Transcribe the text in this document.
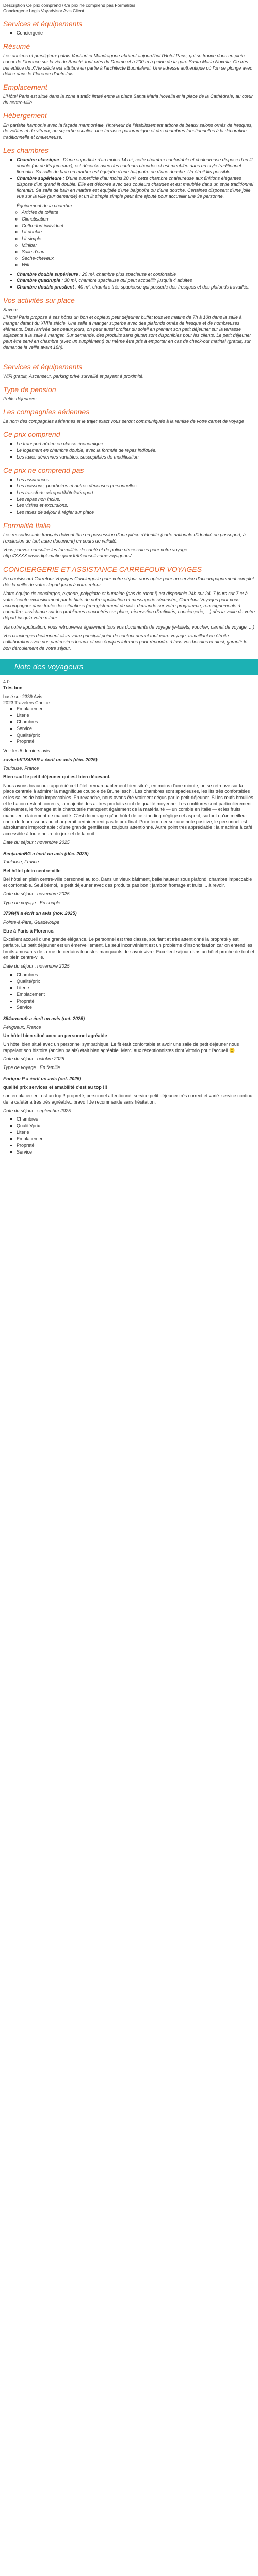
Description Ce prix comprend / Ce prix ne comprend pas Formalités

Conciergerie Logis Voyadvisor Avis Client

Services et équipements
▪ Conciergerie
Résumé

Les anciens et prestigieux palais Vanburi et Mandragone abritent aujourd'hui l'Hotel Paris, qui se trouve donc en plein coeur de Florence sur la via de Banchi, tout près du Duomo et à 200 m à peine de la gare Santa Maria Novella. Ce très bel édifice du XVIe siècle est attribué en partie à l'architecte Buontalenti. Une adresse authentique où l'on se plonge avec délice dans le Florence d'autrefois.

Emplacement

L'Hôtel Paris est situé dans la zone à trafic limité entre la place Santa Maria Novella et la place de la Cathédrale, au cœur du centre-ville.

Hébergement

En parfaite harmonie avec la façade marmoréale, l'intérieur de l'établissement arbore de beaux salons ornés de fresques, de voûtes et de vitraux, un superbe escalier, une terrasse panoramique et des chambres fonctionnelles à la décoration traditionnelle et chaleureuse.

Les chambres
▪ Chambre classique : D'une superficie d'au moins 14 m², cette chambre confortable et chaleureuse dispose d'un lit double (ou de lits jumeaux), est décorée avec des couleurs chaudes et est meublée dans un style traditionnel florentin. Sa salle de bain en marbre est équipée d'une baignoire ou d'une douche. Un étroit lits possible.
▪ Chambre supérieure : D'une superficie d'au moins 20 m², cette chambre chaleureuse aux finitions élégantes dispose d'un grand lit double. Elle est décorée avec des couleurs chaudes et est meublée dans un style traditionnel florentin. Sa salle de bain en marbre est équipée d'une baignoire ou d'une douche. Certaines disposent d'une jolie vue sur la ville (sur demande) et un lit simple simple peut être ajouté pour accueillir une 3e personne.

Équipement de la chambre :

◦ Articles de toilette
◦ Climatisation
◦ Coffre-fort individuel
◦ Lit double
◦ Lit simple
◦ Minibar
◦ Salle d'eau
◦ Sèche-cheveux
◦ Wifi
▪ Chambre double supérieure : 20 m², chambre plus spacieuse et confortable
▪ Chambre quadruple : 30 m², chambre spacieuse qui peut accueillir jusqu'à 4 adultes
▪ Chambre double prestient : 40 m², chambre très spacieuse qui possède des fresques et des plafonds travaillés.
Vos activités sur place

Saveur

L'Hotel Paris propose à ses hôtes un bon et copieux petit déjeuner buffet tous les matins de 7h à 10h dans la salle à manger datant du XVIIe siècle. Une salle à manger superbe avec des plafonds ornés de fresque et de nombreuses éléments. Des l'arrivée des beaux jours, on peut aussi profiter du soleil en prenant son petit déjeuner sur la terrasse adjacente à la salle à manger. Sur demande, des produits sans gluten sont disponibles pour les clients. Le petit déjeuner peut être servi en chambre (avec un supplément) ou même être pris à emporter en cas de check-out matinal (gratuit, sur demande la veille avant 18h).

Services et équipements

WiFi gratuit, Ascenseur, parking privé surveillé et payant à proximité.

Type de pension

Petits déjeuners

Les compagnies aériennes

Le nom des compagnies aériennes et le trajet exact vous seront communiqués à la remise de votre carnet de voyage

Ce prix comprend
▪ Le transport aérien en classe économique.
▪ Le logement en chambre double, avec la formule de repas indiquée.
▪ Les taxes aériennes variables, susceptibles de modification.
Ce prix ne comprend pas
▪ Les assurances.
▪ Les boissons, pourboires et autres dépenses personnelles.
▪ Les transferts aéroport/hôtel/aéroport.
▪ Les repas non inclus.
▪ Les visites et excursions.
▪ Les taxes de séjour à régler sur place
Formalité Italie

Les ressortissants français doivent être en possession d'une pièce d'identité (carte nationale d'identité ou passeport, à l'exclusion de tout autre document) en cours de validité.

Vous pouvez consulter les formalités de santé et de police nécessaires pour votre voyage : http://XXXX.www.diplomatie.gouv.fr/fr/conseils-aux-voyageurs/

CONCIERGERIE ET ASSISTANCE CARREFOUR VOYAGES

En choisissant Carrefour Voyages Conciergerie pour votre séjour, vous optez pour un service d'accompagnement complet dès la veille de votre départ jusqu'à votre retour.

Notre équipe de concierges, experte, polyglotte et humaine (pas de robot !) est disponible 24h sur 24, 7 jours sur 7 et à votre écoute exclusivement par le biais de notre application et messagerie sécurisée, Carrefour Voyages pour vous accompagner dans toutes les situations (enregistrement de vols, demande sur votre programme, renseignements à connaître, assistance sur les problèmes rencontrés sur place, réservation d'activités, conciergerie, ...) dès la veille de votre départ jusqu'à votre retour.

Via notre application, vous retrouverez également tous vos documents de voyage (e-billets, voucher, carnet de voyage, ...)

Vos concierges deviennent alors votre principal point de contact durant tout votre voyage, travaillant en étroite collaboration avec nos partenaires locaux et nos équipes internes pour répondre à tous vos besoins et ainsi, garantir le bon déroulement de votre séjour.

Note des voyageurs

4.0

Très bon

basé sur 2339 Avis

2023 Travelers Choice

▪ Emplacement
▪ Literie
▪ Chambres
▪ Service
▪ Qualité/prix
▪ Propreté

Voir les 5 derniers avis

xavierbK1342BR a écrit un avis (déc. 2025)

Toulouse, France

Bien sauf le petit déjeuner qui est bien décevant.

Nous avons beaucoup apprécié cet hôtel, remarquablement bien situé ; en moins d'une minute, on se retrouve sur la place centrale à admirer la magnifique coupole de Brunelleschi. Les chambres sont spacieuses, les lits très confortables et les salles de bain impeccables. En revanche, nous avons été vraiment déçus par le petit-déjeuner. Si les œufs brouillés et le bacon restent corrects, la majorité des autres produits sont de qualité moyenne. Les confitures sont particulièrement décevantes, le fromage et la charcuterie manquent également de la matérialité — un comble en Italie — et les fruits manquent clairement de maturité. C'est dommage qu'un hôtel de ce standing néglige cet aspect, surtout qu'un meilleur choix de fournisseurs ou changerait certainement pas le prix final. Pour terminer sur une note positive, le personnel est absolument irreprochable : d'une grande gentillesse, toujours attentionné. Autre point très appréciable : la machine à café accessible à toute heure du jour et de la nuit.

Date du séjour : novembre 2025

BenjaminBG a écrit un avis (déc. 2025)

Toulouse, France

Bel hôtel plein centre-ville

Bel hôtel en plein centre-ville personnel au top. Dans un vieux bâtiment, belle hauteur sous plafond, chambre impeccable et confortable. Seul bémol, le petit déjeuner avec des produits pas bon : jambon fromage et fruits ... à revoir.

Date du séjour : novembre 2025

Type de voyage : En couple

379fejfi a écrit un avis (nov. 2025)

Pointe-à-Pitre, Guadeloupe

Etre à Paris à Florence.

Excellent accueil d'une grande élégance. Le personnel est très classe, souriant et très attentionné la propreté y est parfaite. Le petit déjeuner est un émerveillement. Le seul inconvénient est un problème d'insonorisation car on entend les bruits amusants de la rue de certains touristes manquants de savoir vivre. Excellent séjour dans un hôtel proche de tout et en plein centre-ville.

Date du séjour : novembre 2025

▪ Chambres
▪ Qualité/prix
▪ Literie
▪ Emplacement
▪ Propreté
▪ Service

354armaufr a écrit un avis (oct. 2025)

Périgueux, France

Un hôtel bien situé avec un personnel agréable

Un hôtel bien situé avec un personnel sympathique. Le fit était confortable et avoir une salle de petit déjeuner nous rappelant son histoire (ancien palais) était bien agréable. Merci aux réceptionnistes dont Vittorio pour l'accueil 🙂

Date du séjour : octobre 2025

Type de voyage : En famille

Enrique P a écrit un avis (oct. 2025)

qualité prix services et amabilité c'est au top !!!

son emplacement est au top !! propreté, personnel attentionné, service petit déjeuner très correct et varié. service continu de la cafétéria très très agréable...bravo ! Je recommande sans hésitation.

Date du séjour : septembre 2025

▪ Chambres
▪ Qualité/prix
▪ Literie
▪ Emplacement
▪ Propreté
▪ Service
